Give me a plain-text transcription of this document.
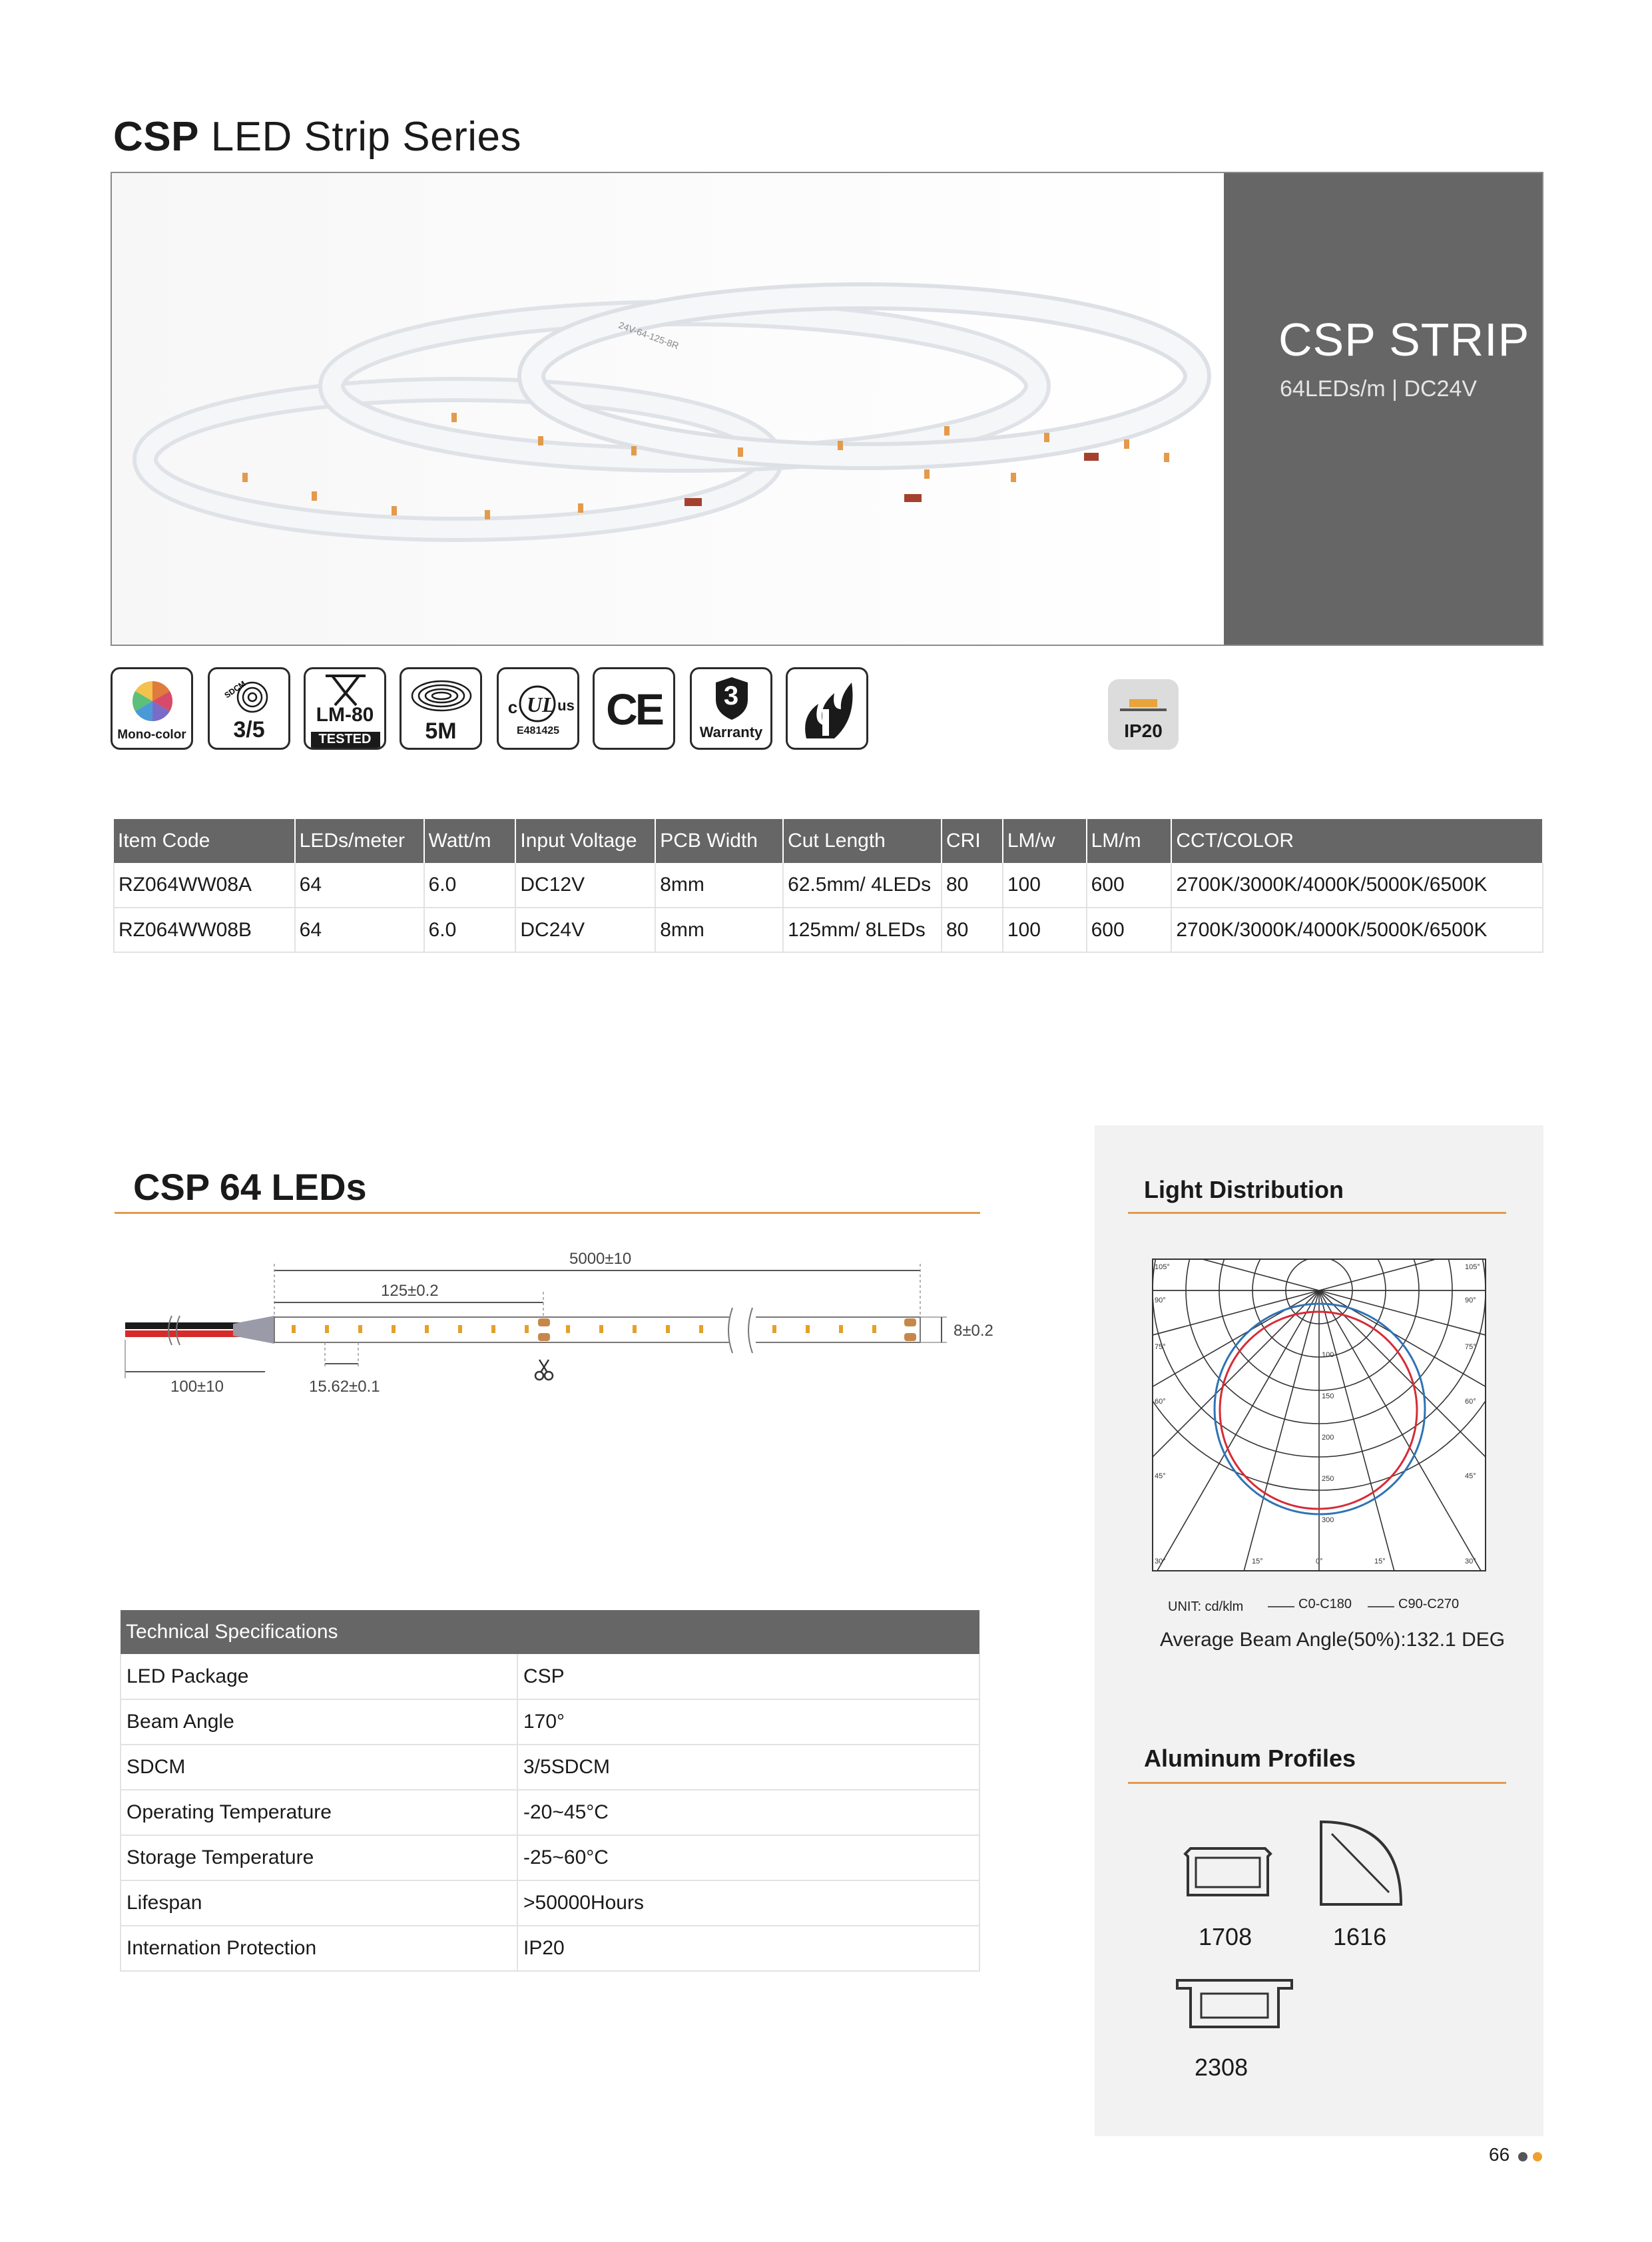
CSP LED Strip Series
24V-64-125-8R	CSP STRIP
64LEDs/m | DC24V
Mono-color
SDCM
3/5
LM-80
TESTED	5M
UL
c	us
E481425	CE	3
Warranty	IP20
Item Code	LEDs/meter	Watt/m	Input Voltage	PCB Width	Cut Length	CRI	LM/w	LM/m	CCT/COLOR
RZ064WW08A	64	6.0	DC12V	8mm	62.5mm/ 4LEDs	80	100	600	2700K/3000K/4000K/5000K/6500K
RZ064WW08B	64	6.0	DC24V	8mm	125mm/ 8LEDs	80	100	600	2700K/3000K/4000K/5000K/6500K
CSP 64 LEDs
5000±10
125±0.2
8±0.2
100±10	15.62±0.1
Technical Specifications	
LED Package	CSP
Beam Angle	170°
SDCM	3/5SDCM
Operating Temperature	-20~45°C
Storage Temperature	-25~60°C
Lifespan	>50000Hours
Internation Protection	IP20
Light Distribution
100
150
200
250
300
105°
90°
75°
60°
45°
30°	15°	0°	15°	30°
45°
60°
75°
90°
105°
UNIT: cd/klm	C0-C180	C90-C270
Average Beam Angle(50%):132.1 DEG
Aluminum Profiles
1708	1616
2308
66
